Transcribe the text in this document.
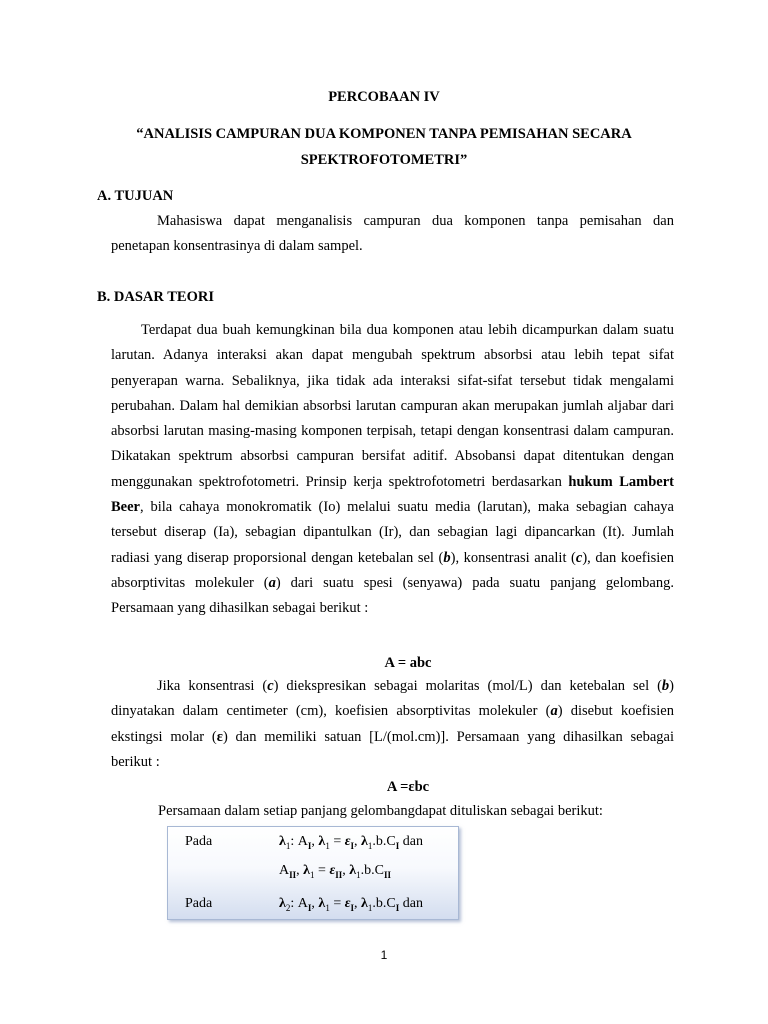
PERCOBAAN IV
“ANALISIS CAMPURAN DUA KOMPONEN TANPA PEMISAHAN SECARA
SPEKTROFOTOMETRI”
A. TUJUAN

Mahasiswa dapat menganalisis campuran dua komponen tanpa pemisahan dan penetapan konsentrasinya di dalam sampel.

B. DASAR TEORI

Terdapat dua buah kemungkinan bila dua komponen atau lebih dicampurkan dalam suatu larutan. Adanya interaksi akan dapat mengubah spektrum absorbsi atau lebih tepat sifat penyerapan warna. Sebaliknya, jika tidak ada interaksi sifat-sifat tersebut tidak mengalami perubahan. Dalam hal demikian absorbsi larutan campuran akan merupakan jumlah aljabar dari absorbsi larutan masing-masing komponen terpisah, tetapi dengan konsentrasi dalam campuran. Dikatakan spektrum absorbsi campuran bersifat aditif. Absobansi dapat ditentukan dengan menggunakan spektrofotometri. Prinsip kerja spektrofotometri berdasarkan hukum Lambert Beer, bila cahaya monokromatik (Io) melalui suatu media (larutan), maka sebagian cahaya tersebut diserap (Ia), sebagian dipantulkan (Ir), dan sebagian lagi dipancarkan (It). Jumlah radiasi yang diserap proporsional dengan ketebalan sel (b), konsentrasi analit (c), dan koefisien absorptivitas molekuler (a) dari suatu spesi (senyawa) pada suatu panjang gelombang. Persamaan yang dihasilkan sebagai berikut :

A = abc

Jika konsentrasi (c) diekspresikan sebagai molaritas (mol/L) dan ketebalan sel (b) dinyatakan dalam centimeter (cm), koefisien absorptivitas molekuler (a) disebut koefisien ekstingsi molar (ε) dan memiliki satuan [L/(mol.cm)]. Persamaan yang dihasilkan sebagai berikut :

A =εbc
Persamaan dalam setiap panjang gelombangdapat dituliskan sebagai berikut:
Pada	$\lambda_1$: $A_I$, $\lambda_1 = \varepsilon_I$, $\lambda_1.b.C_I$ dan
$A_{II}$, $\lambda_1 = \varepsilon_{II}$, $\lambda_1.b.C_{II}$
Pada	$\lambda_2$: $A_I$, $\lambda_1 = \varepsilon_I$, $\lambda_1.b.C_I$ dan
1
